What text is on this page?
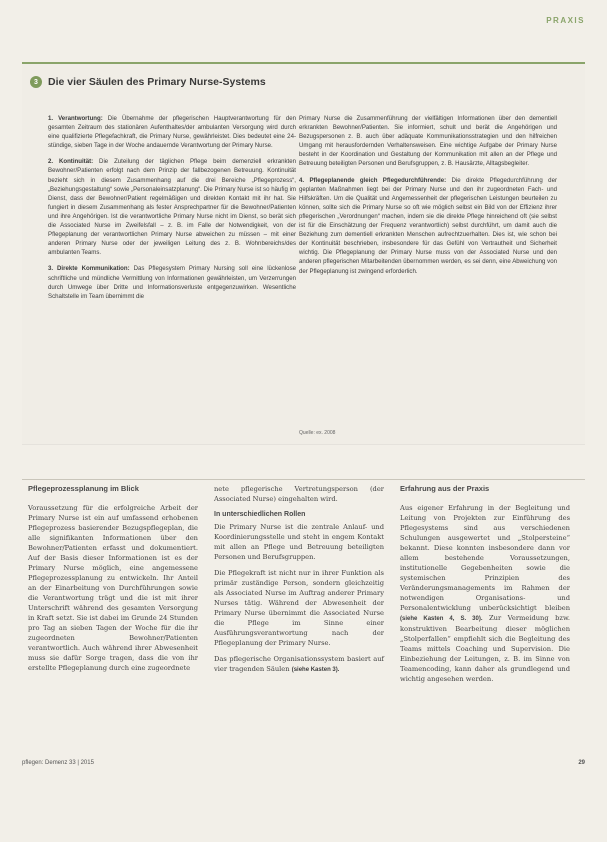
PRAXIS
3 Die vier Säulen des Primary Nurse-Systems

1. Verantwortung: Die Übernahme der pflegerischen Hauptverantwortung für den gesamten Zeitraum des stationären Aufenthaltes/der ambulanten Versorgung wird durch eine qualifizierte Pflegefachkraft, die Primary Nurse, gewährleistet. Dies bedeutet eine 24-stündige, sieben Tage in der Woche andauernde Verantwortung der Primary Nurse.

2. Kontinuität: Die Zuteilung der täglichen Pflege beim demenziell erkrankten Bewohner/Patienten erfolgt nach dem Prinzip der fallbezogenen Betreuung. Kontinuität bezieht sich in diesem Zusammenhang auf die drei Bereiche „Pflegeprozess“, „Beziehungsgestaltung“ sowie „Personaleinsatzplanung“. Die Primary Nurse ist so häufig im Dienst, dass der Bewohner/Patient regelmäßigen und direkten Kontakt mit ihr hat. Sie fungiert in diesem Zusammenhang als fester Ansprechpartner für die Bewohner/Patienten und ihre Angehörigen. Ist die verantwortliche Primary Nurse nicht im Dienst, so berät sich die Associated Nurse im Zweifelsfall – z. B. im Falle der Notwendigkeit, von der Pflegeplanung der verantwortlichen Primary Nurse abweichen zu müssen – mit einer anderen Primary Nurse oder der jeweiligen Leitung des z. B. Wohnbereichs/des ambulanten Teams.

3. Direkte Kommunikation: Das Pflegesystem Primary Nursing soll eine lückenlose schriftliche und mündliche Vermittlung von Informationen gewährleisten, um Verzerrungen durch Umwege über Dritte und Informationsverluste entgegenzuwirken. Wesentliche Schaltstelle im Team übernimmt die

Primary Nurse die Zusammenführung der vielfältigen Informationen über den dementiell erkrankten Bewohner/Patienten. Sie informiert, schult und berät die Angehörigen und Bezugspersonen z. B. auch über adäquate Kommunikationsstrategien und den hilfreichen Umgang mit herausfordernden Verhaltensweisen. Eine wichtige Aufgabe der Primary Nurse besteht in der Koordination und Gestaltung der Kommunikation mit allen an der Pflege und Betreuung beteiligten Personen und Berufsgruppen, z. B. Hausärzte, Alltagsbegleiter.

4. Pflegeplanende gleich Pflegedurchführende: Die direkte Pflegedurchführung der geplanten Maßnahmen liegt bei der Primary Nurse und den ihr zugeordneten Fach- und Hilfskräften. Um die Qualität und Angemessenheit der pflegerischen Leistungen beurteilen zu können, sollte sich die Primary Nurse so oft wie möglich selbst ein Bild von der Effizienz ihrer pflegerischen „Verordnungen“ machen, indem sie die direkte Pflege hinreichend oft (sie selbst ist für die Einschätzung der Frequenz verantwortlich) selbst durchführt, um damit auch die Beziehung zum dementiell erkrankten Menschen aufrechtzuerhalten. Dies ist, wie schon bei der Kontinuität beschrieben, insbesondere für das Gefühl von Vertrautheit und Sicherheit wichtig. Die Pflegeplanung der Primary Nurse muss von der Associated Nurse und den anderen pflegerischen Mitarbeitenden übernommen werden, es sei denn, eine Abweichung von der Pflegeplanung ist zwingend erforderlich.

Quelle: ex. 2008
Pflegeprozessplanung im Blick

Voraussetzung für die erfolgreiche Arbeit der Primary Nurse ist ein auf umfassend erhobenen Pflegeprozess basierender Bezugspflegeplan, die alle signifikanten Informationen über den Bewohner/Patienten erfasst und dokumentiert. Auf der Basis dieser Informationen ist es der Primary Nurse möglich, eine angemessene Pflegeprozessplanung zu entwickeln. Ihr Anteil an der Einarbeitung von Durchführungen sowie die Verantwortung trägt und die ist mit ihrer Unterschrift während des gesamten Versorgung in Kraft setzt. Sie ist dabei im Grunde 24 Stunden pro Tag an sieben Tagen der Woche für die ihr zugeordneten Bewohner/Patienten verantwortlich. Auch während ihrer Abwesenheit muss sie dafür Sorge tragen, dass die von ihr erstellte Pflegeplanung durch eine zugeordnete

nete pflegerische Vertretungsperson (der Associated Nurse) eingehalten wird.

In unterschiedlichen Rollen

Die Primary Nurse ist die zentrale Anlauf- und Koordinierungsstelle und steht in engem Kontakt mit allen an Pflege und Betreuung beteiligten Personen und Berufsgruppen.

Die Pflegekraft ist nicht nur in ihrer Funktion als primär zuständige Person, sondern gleichzeitig als Associated Nurse im Auftrag anderer Primary Nurses tätig. Während der Abwesenheit der Primary Nurse übernimmt die Associated Nurse die Pflege im Sinne einer Ausführungsverantwortung nach der Pflegeplanung der Primary Nurse.

Das pflegerische Organisationssystem basiert auf vier tragenden Säulen (siehe Kasten 3).

Erfahrung aus der Praxis

Aus eigener Erfahrung in der Begleitung und Leitung von Projekten zur Einführung des Pflegesystems sind aus verschiedenen Schulungen ausgewertet und „Stolpersteine“ bekannt. Diese konnten insbesondere dann vor allem bestehende Voraussetzungen, institutionelle Gegebenheiten sowie die systemischen Prinzipien des Veränderungsmanagements im Rahmen der notwendigen Organisations- und Personalentwicklung unberücksichtigt bleiben (siehe Kasten 4, S. 30). Zur Vermeidung bzw. konstruktiven Bearbeitung dieser möglichen „Stolperfallen“ empfiehlt sich die Begleitung des Teams mittels Coaching und Supervision. Die Einbeziehung der Leitungen, z. B. im Sinne von Teamencoding, kann daher als grundlegend und wichtig angesehen werden.

pflegen: Demenz 33 | 2015	29
